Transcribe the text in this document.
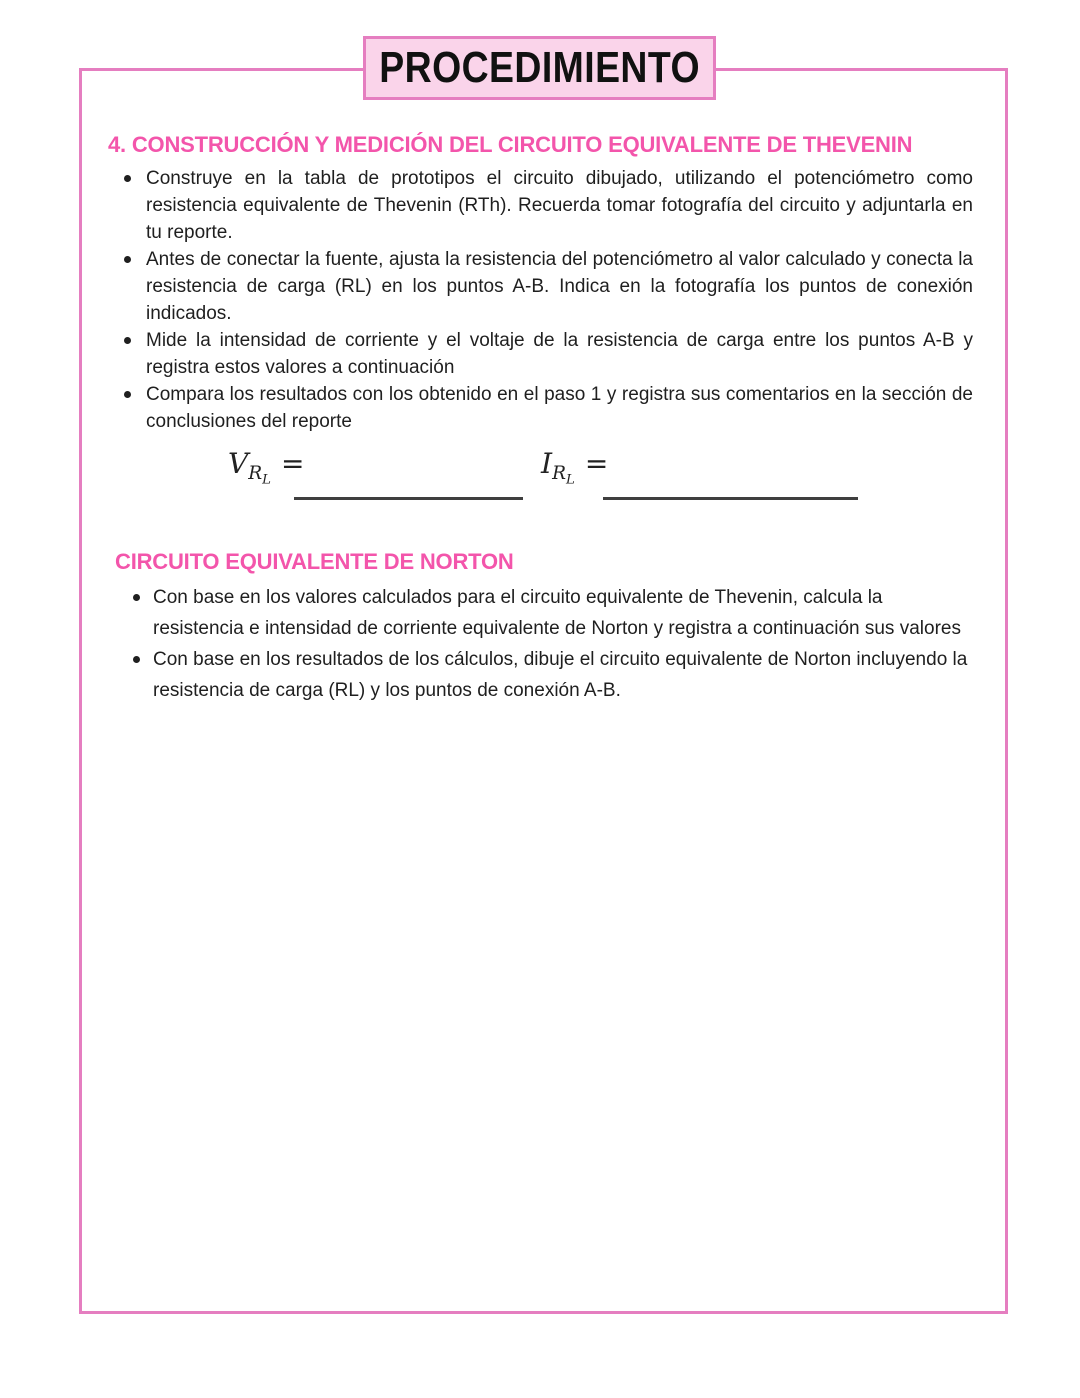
PROCEDIMIENTO
4. CONSTRUCCIÓN Y MEDICIÓN DEL CIRCUITO EQUIVALENTE DE THEVENIN
Construye en la tabla de prototipos el circuito dibujado, utilizando el potenciómetro como resistencia equivalente de Thevenin (RTh). Recuerda tomar fotografía del circuito y adjuntarla en tu reporte.
Antes de conectar la fuente, ajusta la resistencia del potenciómetro al valor calculado y conecta la resistencia de carga (RL) en los puntos A-B. Indica en la fotografía los puntos de conexión indicados.
Mide la intensidad de corriente y el voltaje de la resistencia de carga entre los puntos A-B y registra estos valores a continuación
Compara los resultados con los obtenido en el paso 1 y registra sus comentarios en la sección de conclusiones del reporte
$V_{R_L}=$	$I_{R_L}=$
CIRCUITO EQUIVALENTE DE NORTON
Con base en los valores calculados para el circuito equivalente de Thevenin, calcula la resistencia e intensidad de corriente equivalente de Norton y registra a continuación sus valores
Con base en los resultados de los cálculos, dibuje el circuito equivalente de Norton incluyendo la resistencia de carga (RL) y los puntos de conexión A-B.
